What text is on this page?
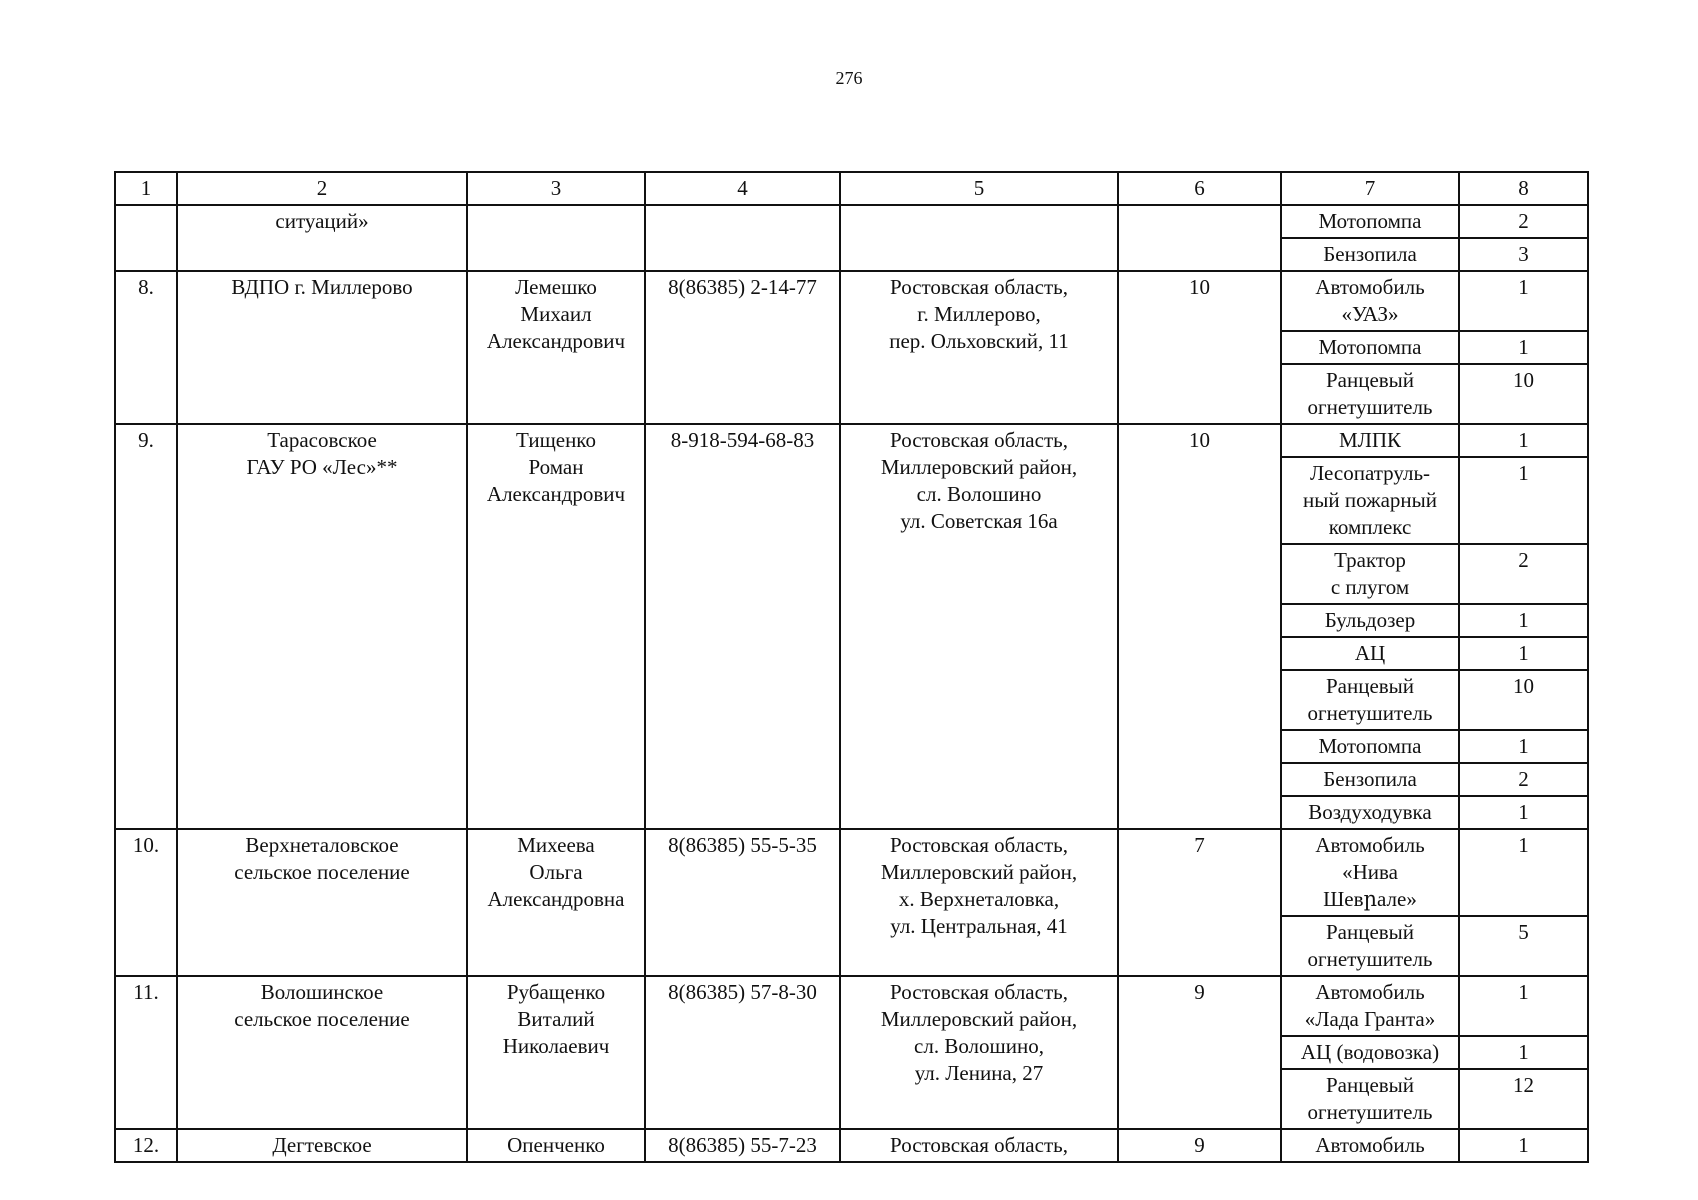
276
1	2	3	4	5	6	7	8
	ситуаций»					Мотопомпа	2
						Бензопила	3
8.	ВДПО г. Миллерово	Лемешко
Михаил
Александрович	8(86385) 2-14-77	Ростовская область,
г. Миллерово,
пер. Ольховский, 11	10	Автомобиль
«УАЗ»	1
						Мотопомпа	1
						Ранцевый
огнетушитель	10
9.	Тарасовское
ГАУ РО «Лес»**	Тищенко
Роман
Александрович	8-918-594-68-83	Ростовская область,
Миллеровский район,
сл. Волошино
ул. Советская 16а	10	МЛПК	1
						Лесопатруль-
ный пожарный
комплекс	1
						Трактор
с плугом	2
						Бульдозер	1
						АЦ	1
						Ранцевый
огнетушитель	10
						Мотопомпа	1
						Бензопила	2
						Воздуходувка	1
10.	Верхнеталовское
сельское поселение	Михеева
Ольга
Александровна	8(86385) 55-5-35	Ростовская область,
Миллеровский район,
х. Верхнеталовка,
ул. Центральная, 41	7	Автомобиль
«Нива
Шевրале»	1
						Ранцевый
огнетушитель	5
11.	Волошинское
сельское поселение	Рубащенко
Виталий
Николаевич	8(86385) 57-8-30	Ростовская область,
Миллеровский район,
сл. Волошино,
ул. Ленина, 27	9	Автомобиль
«Лада Гранта»	1
						АЦ (водовозка)	1
						Ранцевый
огнетушитель	12
12.	Дегтевское	Опенченко	8(86385) 55-7-23	Ростовская область,	9	Автомобиль	1
